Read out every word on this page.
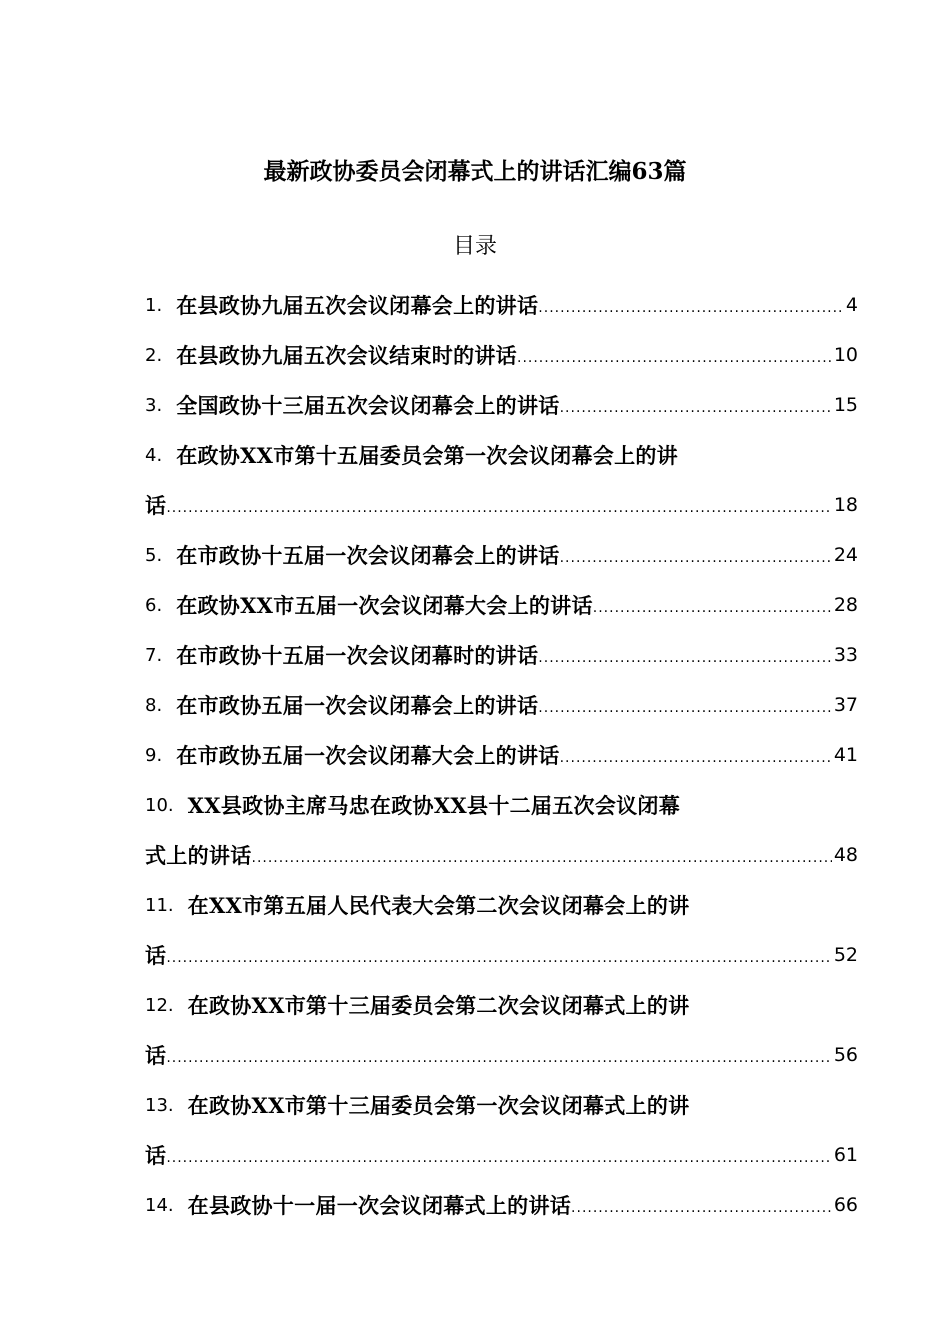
最新政协委员会闭幕式上的讲话汇编63篇
目录
1. 在县政协九届五次会议闭幕会上的讲话 .....	4
2. 在县政协九届五次会议结束时的讲话 .....	10
3. 全国政协十三届五次会议闭幕会上的讲话 .....	15
4. 在政协XX市第十五届委员会第一次会议闭幕会上的讲
话 .....	18
5. 在市政协十五届一次会议闭幕会上的讲话 .....	24
6. 在政协XX市五届一次会议闭幕大会上的讲话 .....	28
7. 在市政协十五届一次会议闭幕时的讲话 .....	33
8. 在市政协五届一次会议闭幕会上的讲话 .....	37
9. 在市政协五届一次会议闭幕大会上的讲话 .....	41
10. XX县政协主席马忠在政协XX县十二届五次会议闭幕
式上的讲话 .....	48
11. 在XX市第五届人民代表大会第二次会议闭幕会上的讲
话 .....	52
12. 在政协XX市第十三届委员会第二次会议闭幕式上的讲
话 .....	56
13. 在政协XX市第十三届委员会第一次会议闭幕式上的讲
话 .....	61
14. 在县政协十一届一次会议闭幕式上的讲话 .....	66
